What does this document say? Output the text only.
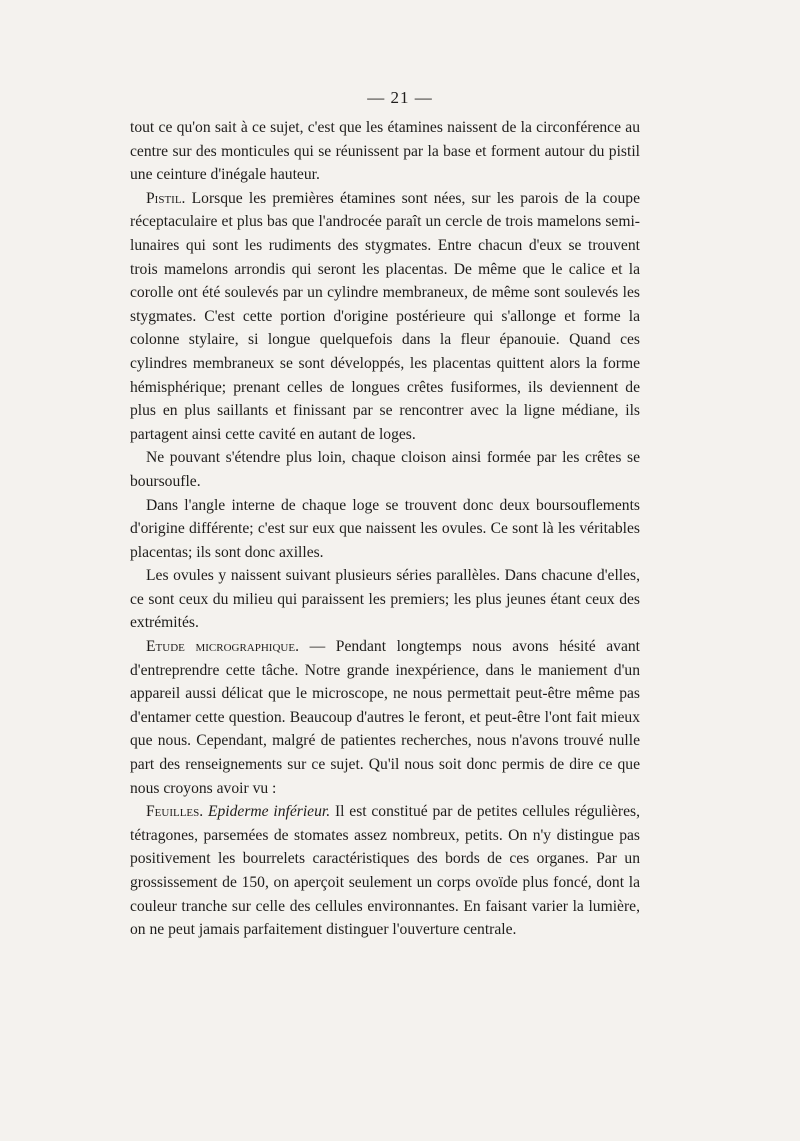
— 21 —

tout ce qu'on sait à ce sujet, c'est que les étamines naissent de la circonférence au centre sur des monticules qui se réunissent par la base et forment autour du pistil une ceinture d'inégale hauteur.

Pistil. Lorsque les premières étamines sont nées, sur les parois de la coupe réceptaculaire et plus bas que l'androcée paraît un cercle de trois mamelons semi-lunaires qui sont les rudiments des stygmates. Entre chacun d'eux se trouvent trois mamelons arrondis qui seront les placentas. De même que le calice et la corolle ont été soulevés par un cylindre membraneux, de même sont soulevés les stygmates. C'est cette portion d'origine postérieure qui s'allonge et forme la colonne stylaire, si longue quelquefois dans la fleur épanouie. Quand ces cylindres membraneux se sont développés, les placentas quittent alors la forme hémisphérique; prenant celles de longues crêtes fusiformes, ils deviennent de plus en plus saillants et finissant par se rencontrer avec la ligne médiane, ils partagent ainsi cette cavité en autant de loges.

Ne pouvant s'étendre plus loin, chaque cloison ainsi formée par les crêtes se boursoufle.

Dans l'angle interne de chaque loge se trouvent donc deux boursouflements d'origine différente; c'est sur eux que naissent les ovules. Ce sont là les véritables placentas; ils sont donc axilles.

Les ovules y naissent suivant plusieurs séries parallèles. Dans chacune d'elles, ce sont ceux du milieu qui paraissent les premiers; les plus jeunes étant ceux des extrémités.

Etude micrographique. — Pendant longtemps nous avons hésité avant d'entreprendre cette tâche. Notre grande inexpérience, dans le maniement d'un appareil aussi délicat que le microscope, ne nous permettait peut-être même pas d'entamer cette question. Beaucoup d'autres le feront, et peut-être l'ont fait mieux que nous. Cependant, malgré de patientes recherches, nous n'avons trouvé nulle part des renseignements sur ce sujet. Qu'il nous soit donc permis de dire ce que nous croyons avoir vu :

Feuilles. Epiderme inférieur. Il est constitué par de petites cellules régulières, tétragones, parsemées de stomates assez nombreux, petits. On n'y distingue pas positivement les bourrelets caractéristiques des bords de ces organes. Par un grossissement de 150, on aperçoit seulement un corps ovoïde plus foncé, dont la couleur tranche sur celle des cellules environnantes. En faisant varier la lumière, on ne peut jamais parfaitement distinguer l'ouverture centrale.
